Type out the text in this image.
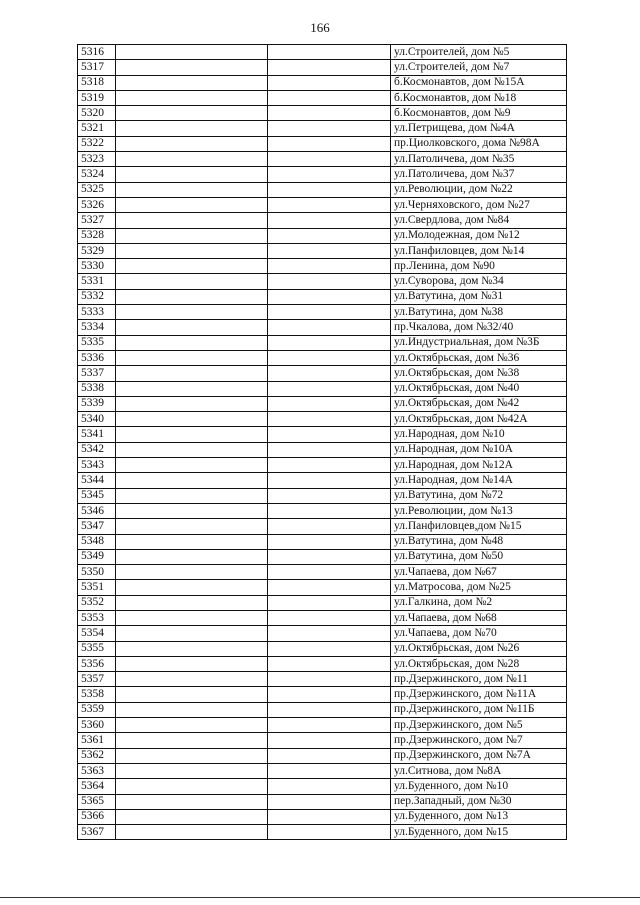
166
5316			ул.Строителей, дом №5
5317			ул.Строителей, дом №7
5318			б.Космонавтов, дом №15А
5319			б.Космонавтов, дом №18
5320			б.Космонавтов, дом №9
5321			ул.Петрищева, дом №4А
5322			пр.Циолковского, дома №98А
5323			ул.Патоличева, дом №35
5324			ул.Патоличева, дом №37
5325			ул.Революции, дом №22
5326			ул.Черняховского, дом №27
5327			ул.Свердлова, дом №84
5328			ул.Молодежная, дом №12
5329			ул.Панфиловцев, дом №14
5330			пр.Ленина, дом №90
5331			ул.Суворова, дом №34
5332			ул.Ватутина, дом №31
5333			ул.Ватутина, дом №38
5334			пр.Чкалова, дом №32/40
5335			ул.Индустриальная, дом №3Б
5336			ул.Октябрьская, дом №36
5337			ул.Октябрьская, дом №38
5338			ул.Октябрьская, дом №40
5339			ул.Октябрьская, дом №42
5340			ул.Октябрьская, дом №42А
5341			ул.Народная, дом №10
5342			ул.Народная, дом №10А
5343			ул.Народная, дом №12А
5344			ул.Народная, дом №14А
5345			ул.Ватутина, дом №72
5346			ул.Революции, дом №13
5347			ул.Панфиловцев,дом №15
5348			ул.Ватутина, дом №48
5349			ул.Ватутина, дом №50
5350			ул.Чапаева, дом №67
5351			ул.Матросова, дом №25
5352			ул.Галкина, дом №2
5353			ул.Чапаева, дом №68
5354			ул.Чапаева, дом №70
5355			ул.Октябрьская, дом №26
5356			ул.Октябрьская, дом №28
5357			пр.Дзержинского, дом №11
5358			пр.Дзержинского, дом №11А
5359			пр.Дзержинского, дом №11Б
5360			пр.Дзержинского, дом №5
5361			пр.Дзержинского, дом №7
5362			пр.Дзержинского, дом №7А
5363			ул.Ситнова, дом №8А
5364			ул.Буденного, дом №10
5365			пер.Западный, дом №30
5366			ул.Буденного, дом №13
5367			ул.Буденного, дом №15
